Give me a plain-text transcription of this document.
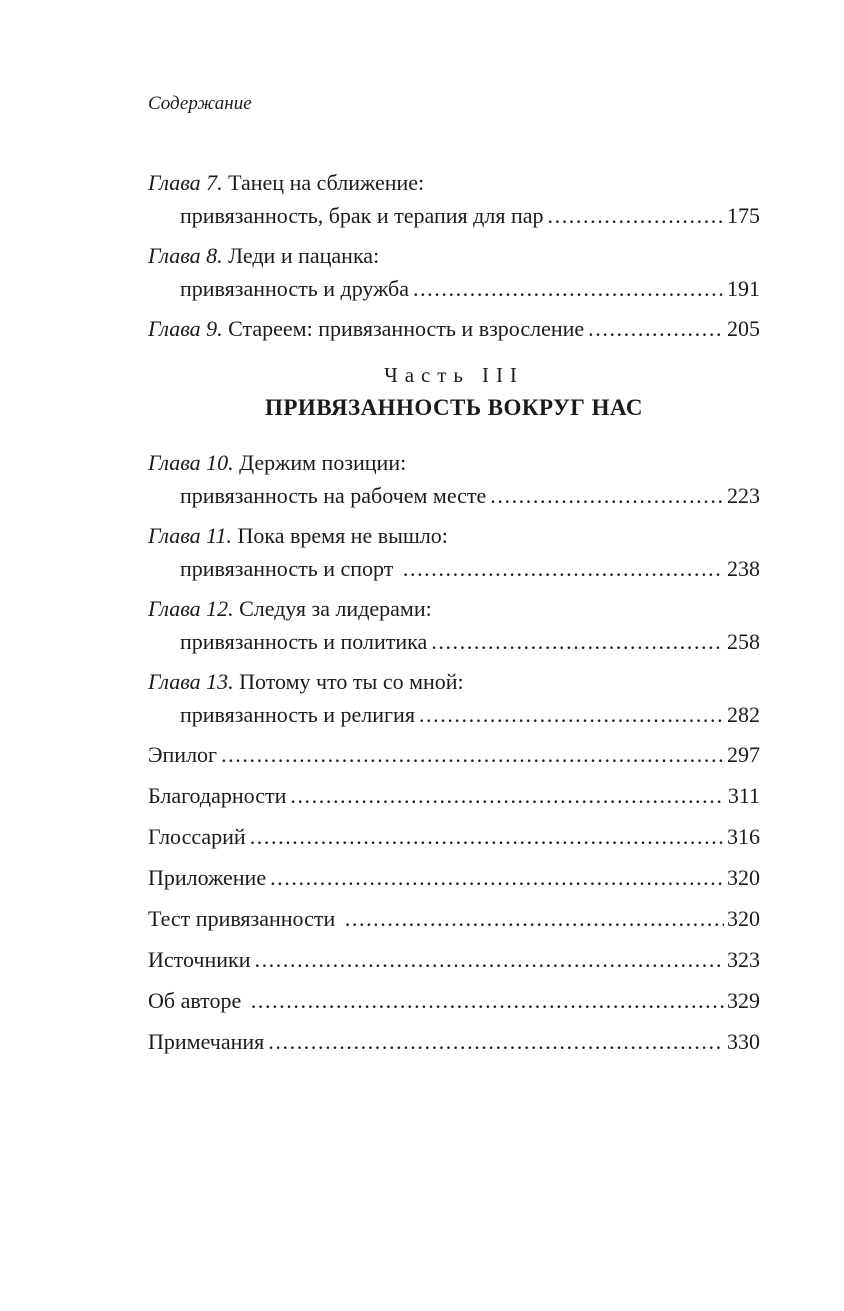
Содержание
Глава 7. Танец на сближение:
привязанность, брак и терапия для пар .....	175
Глава 8. Леди и пацанка:
привязанность и дружба .....	191
Глава 9. Стареем: привязанность и взросление .....	205
Часть III
ПРИВЯЗАННОСТЬ ВОКРУГ НАС
Глава 10. Держим позиции:
привязанность на рабочем месте .....	223
Глава 11. Пока время не вышло:
привязанность и спорт .....	238
Глава 12. Следуя за лидерами:
привязанность и политика .....	258
Глава 13. Потому что ты со мной:
привязанность и религия .....	282
Эпилог .....	297
Благодарности .....	311
Глоссарий .....	316
Приложение .....	320
Тест привязанности .....	320
Источники .....	323
Об авторе .....	329
Примечания .....	330
